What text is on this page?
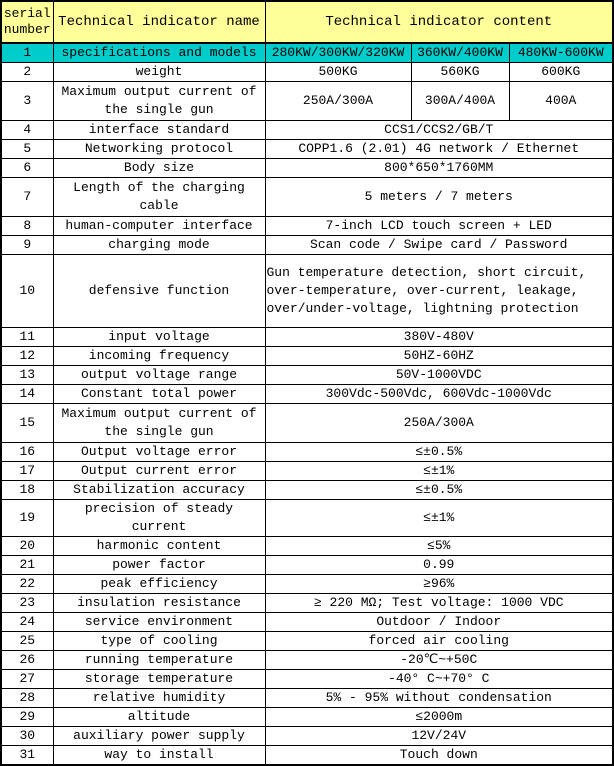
serial number	Technical indicator name	Technical indicator content		
1	specifications and models	280KW/300KW/320KW	360KW/400KW	480KW-600KW
2	weight	500KG	560KG	600KG
3	Maximum output current of the single gun	250A/300A	300A/400A	400A
4	interface standard	CCS1/CCS2/GB/T		
5	Networking protocol	COPP1.6 (2.01) 4G network / Ethernet		
6	Body size	800*650*1760MM		
7	Length of the charging cable	5 meters / 7 meters		
8	human-computer interface	7-inch LCD touch screen + LED		
9	charging mode	Scan code / Swipe card / Password		
10	defensive function	Gun temperature detection, short circuit, over-temperature, over-current, leakage, over/under-voltage, lightning protection		
11	input voltage	380V-480V		
12	incoming frequency	50HZ-60HZ		
13	output voltage range	50V-1000VDC		
14	Constant total power	300Vdc-500Vdc, 600Vdc-1000Vdc		
15	Maximum output current of the single gun	250A/300A		
16	Output voltage error	≤±0.5%		
17	Output current error	≤±1%		
18	Stabilization accuracy	≤±0.5%		
19	precision of steady current	≤±1%		
20	harmonic content	≤5%		
21	power factor	0.99		
22	peak efficiency	≥96%		
23	insulation resistance	≥ 220 MΩ; Test voltage: 1000 VDC		
24	service environment	Outdoor / Indoor		
25	type of cooling	forced air cooling		
26	running temperature	-20℃~+50C		
27	storage temperature	-40° C~+70° C		
28	relative humidity	5% - 95% without condensation		
29	altitude	≤2000m		
30	auxiliary power supply	12V/24V		
31	way to install	Touch down		
